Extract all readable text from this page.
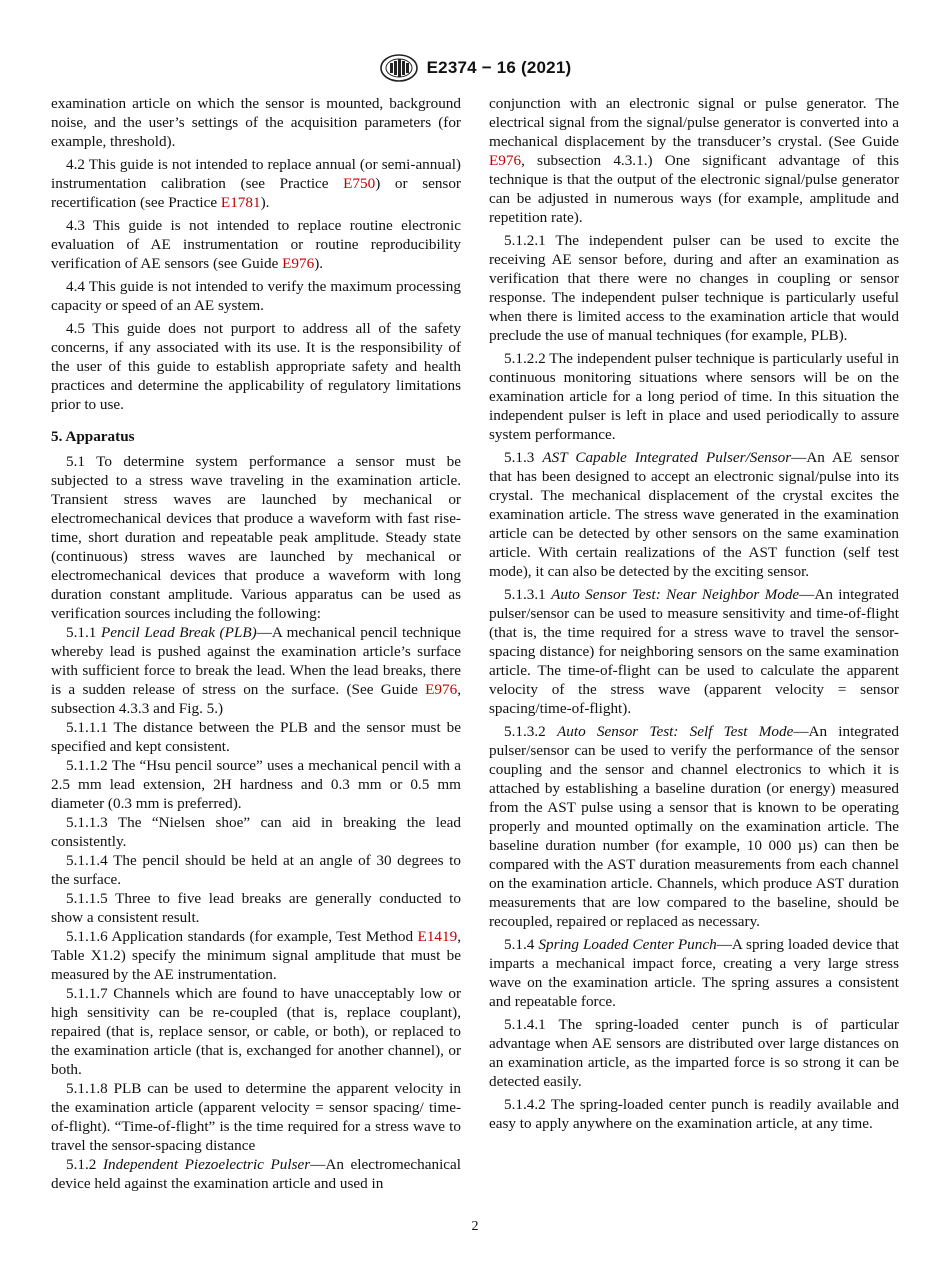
E2374 − 16 (2021)

examination article on which the sensor is mounted, background noise, and the user’s settings of the acquisition parameters (for example, threshold).

4.2 This guide is not intended to replace annual (or semi-annual) instrumentation calibration (see Practice E750) or sensor recertification (see Practice E1781).

4.3 This guide is not intended to replace routine electronic evaluation of AE instrumentation or routine reproducibility verification of AE sensors (see Guide E976).

4.4 This guide is not intended to verify the maximum processing capacity or speed of an AE system.

4.5 This guide does not purport to address all of the safety concerns, if any associated with its use. It is the responsibility of the user of this guide to establish appropriate safety and health practices and determine the applicability of regulatory limitations prior to use.

5. Apparatus

5.1 To determine system performance a sensor must be subjected to a stress wave traveling in the examination article. Transient stress waves are launched by mechanical or electromechanical devices that produce a waveform with fast rise-time, short duration and repeatable peak amplitude. Steady state (continuous) stress waves are launched by mechanical or electromechanical devices that produce a waveform with long duration constant amplitude. Various apparatus can be used as verification sources including the following:

5.1.1 Pencil Lead Break (PLB)—A mechanical pencil technique whereby lead is pushed against the examination article’s surface with sufficient force to break the lead. When the lead breaks, there is a sudden release of stress on the surface. (See Guide E976, subsection 4.3.3 and Fig. 5.)

5.1.1.1 The distance between the PLB and the sensor must be specified and kept consistent.

5.1.1.2 The “Hsu pencil source” uses a mechanical pencil with a 2.5 mm lead extension, 2H hardness and 0.3 mm or 0.5 mm diameter (0.3 mm is preferred).

5.1.1.3 The “Nielsen shoe” can aid in breaking the lead consistently.

5.1.1.4 The pencil should be held at an angle of 30 degrees to the surface.

5.1.1.5 Three to five lead breaks are generally conducted to show a consistent result.

5.1.1.6 Application standards (for example, Test Method E1419, Table X1.2) specify the minimum signal amplitude that must be measured by the AE instrumentation.

5.1.1.7 Channels which are found to have unacceptably low or high sensitivity can be re-coupled (that is, replace couplant), repaired (that is, replace sensor, or cable, or both), or replaced to the examination article (that is, exchanged for another channel), or both.

5.1.1.8 PLB can be used to determine the apparent velocity in the examination article (apparent velocity = sensor spacing/ time-of-flight). “Time-of-flight” is the time required for a stress wave to travel the sensor-spacing distance

5.1.2 Independent Piezoelectric Pulser—An electromechanical device held against the examination article and used in

conjunction with an electronic signal or pulse generator. The electrical signal from the signal/pulse generator is converted into a mechanical displacement by the transducer’s crystal. (See Guide E976, subsection 4.3.1.) One significant advantage of this technique is that the output of the electronic signal/pulse generator can be adjusted in numerous ways (for example, amplitude and repetition rate).

5.1.2.1 The independent pulser can be used to excite the receiving AE sensor before, during and after an examination as verification that there were no changes in coupling or sensor response. The independent pulser technique is particularly useful when there is limited access to the examination article that would preclude the use of manual techniques (for example, PLB).

5.1.2.2 The independent pulser technique is particularly useful in continuous monitoring situations where sensors will be on the examination article for a long period of time. In this situation the independent pulser is left in place and used periodically to assure system performance.

5.1.3 AST Capable Integrated Pulser/Sensor—An AE sensor that has been designed to accept an electronic signal/pulse into its crystal. The mechanical displacement of the crystal excites the examination article. The stress wave generated in the examination article can be detected by other sensors on the same examination article. With certain realizations of the AST function (self test mode), it can also be detected by the exciting sensor.

5.1.3.1 Auto Sensor Test: Near Neighbor Mode—An integrated pulser/sensor can be used to measure sensitivity and time-of-flight (that is, the time required for a stress wave to travel the sensor-spacing distance) for neighboring sensors on the same examination article. The time-of-flight can be used to calculate the apparent velocity of the stress wave (apparent velocity = sensor spacing/time-of-flight).

5.1.3.2 Auto Sensor Test: Self Test Mode—An integrated pulser/sensor can be used to verify the performance of the sensor coupling and the sensor and channel electronics to which it is attached by establishing a baseline duration (or energy) measured from the AST pulse using a sensor that is known to be operating properly and mounted optimally on the examination article. The baseline duration number (for example, 10 000 µs) can then be compared with the AST duration measurements from each channel on the examination article. Channels, which produce AST duration measurements that are low compared to the baseline, should be recoupled, repaired or replaced as necessary.

5.1.4 Spring Loaded Center Punch—A spring loaded device that imparts a mechanical impact force, creating a very large stress wave on the examination article. The spring assures a consistent and repeatable force.

5.1.4.1 The spring-loaded center punch is of particular advantage when AE sensors are distributed over large distances on an examination article, as the imparted force is so strong it can be detected easily.

5.1.4.2 The spring-loaded center punch is readily available and easy to apply anywhere on the examination article, at any time.

2
